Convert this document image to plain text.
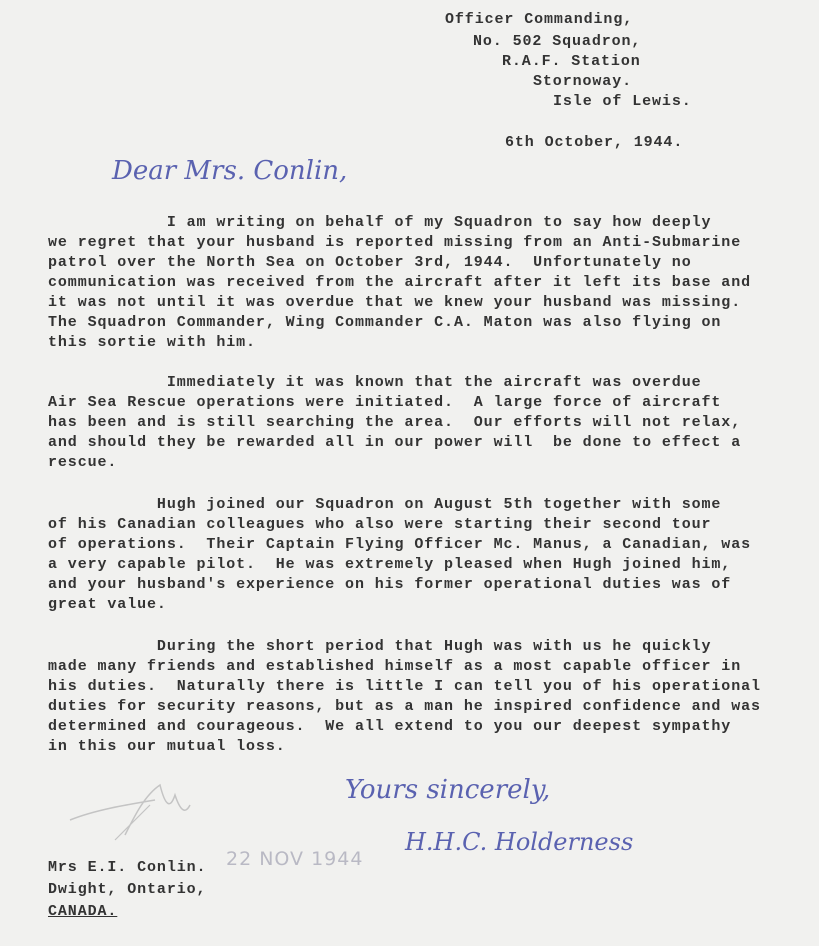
Officer Commanding,
No. 502 Squadron,
R.A.F. Station
Stornoway.
Isle of Lewis.
6th October, 1944.
Dear Mrs. Conlin,
I am writing on behalf of my Squadron to say how deeply
we regret that your husband is reported missing from an Anti-Submarine
patrol over the North Sea on October 3rd, 1944.  Unfortunately no
communication was received from the aircraft after it left its base and
it was not until it was overdue that we knew your husband was missing.
The Squadron Commander, Wing Commander C.A. Maton was also flying on
this sortie with him.
Immediately it was known that the aircraft was overdue
Air Sea Rescue operations were initiated.  A large force of aircraft
has been and is still searching the area.  Our efforts will not relax,
and should they be rewarded all in our power will  be done to effect a
rescue.
Hugh joined our Squadron on August 5th together with some
of his Canadian colleagues who also were starting their second tour
of operations.  Their Captain Flying Officer Mc. Manus, a Canadian, was
a very capable pilot.  He was extremely pleased when Hugh joined him,
and your husband's experience on his former operational duties was of
great value.
During the short period that Hugh was with us he quickly
made many friends and established himself as a most capable officer in
his duties.  Naturally there is little I can tell you of his operational
duties for security reasons, but as a man he inspired confidence and was
determined and courageous.  We all extend to you our deepest sympathy
in this our mutual loss.
Yours sincerely,
H.H.C. Holderness
22 NOV 1944
Mrs E.I. Conlin.
Dwight, Ontario,
CANADA.
